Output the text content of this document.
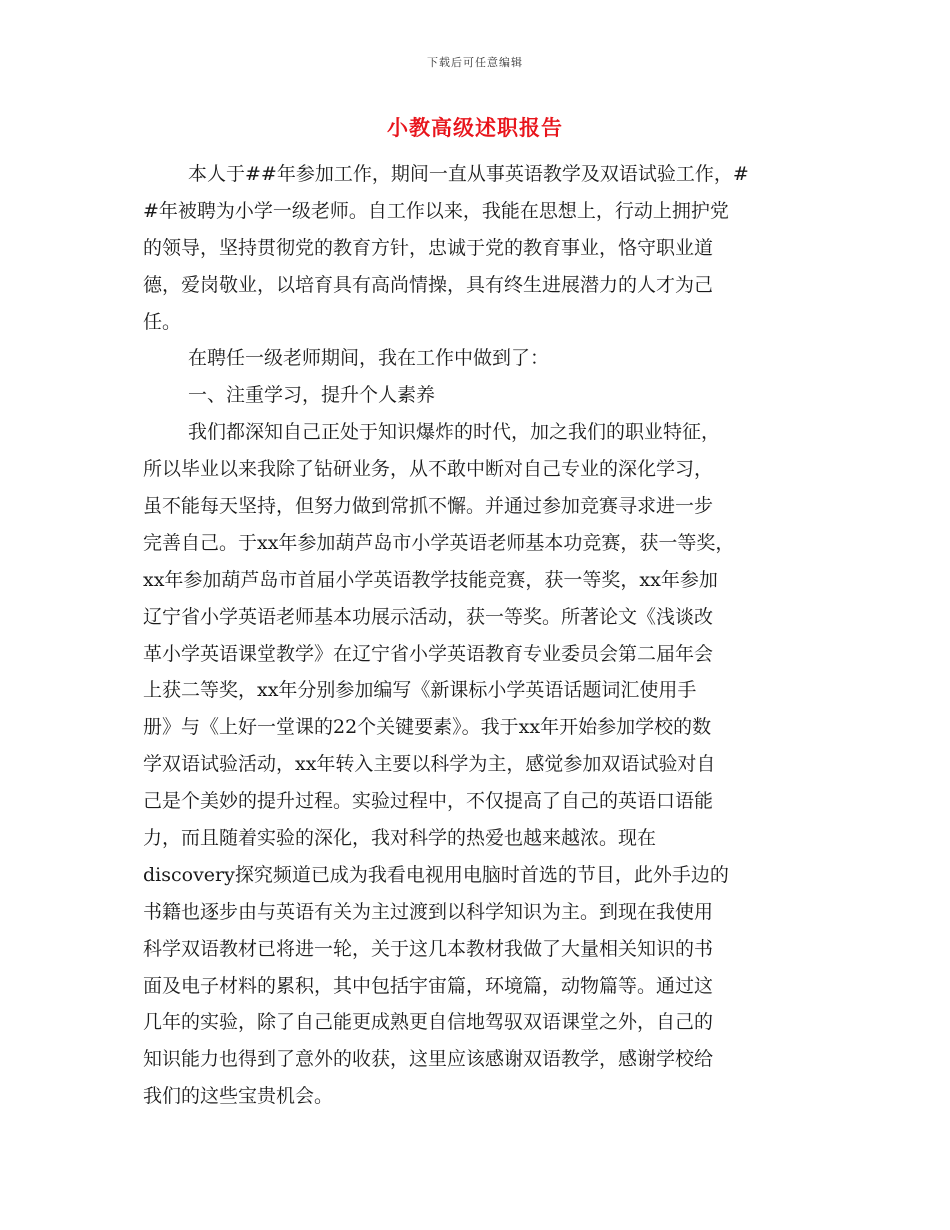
下载后可任意编辑
小教高级述职报告
本人于##年参加工作，期间一直从事英语教学及双语试验工作，#
#年被聘为小学一级老师。自工作以来，我能在思想上，行动上拥护党
的领导，坚持贯彻党的教育方针，忠诚于党的教育事业，恪守职业道
德，爱岗敬业，以培育具有高尚情操，具有终生进展潜力的人才为己
任。
在聘任一级老师期间，我在工作中做到了：
一、注重学习，提升个人素养
我们都深知自己正处于知识爆炸的时代，加之我们的职业特征，
所以毕业以来我除了钻研业务，从不敢中断对自己专业的深化学习，
虽不能每天坚持，但努力做到常抓不懈。并通过参加竞赛寻求进一步
完善自己。于xx年参加葫芦岛市小学英语老师基本功竞赛，获一等奖，
xx年参加葫芦岛市首届小学英语教学技能竞赛，获一等奖，xx年参加
辽宁省小学英语老师基本功展示活动，获一等奖。所著论文《浅谈改
革小学英语课堂教学》在辽宁省小学英语教育专业委员会第二届年会
上获二等奖，xx年分别参加编写《新课标小学英语话题词汇使用手
册》与《上好一堂课的22个关键要素》。我于xx年开始参加学校的数
学双语试验活动，xx年转入主要以科学为主，感觉参加双语试验对自
己是个美妙的提升过程。实验过程中，不仅提高了自己的英语口语能
力，而且随着实验的深化，我对科学的热爱也越来越浓。现在
discovery探究频道已成为我看电视用电脑时首选的节目，此外手边的
书籍也逐步由与英语有关为主过渡到以科学知识为主。到现在我使用
科学双语教材已将进一轮，关于这几本教材我做了大量相关知识的书
面及电子材料的累积，其中包括宇宙篇，环境篇，动物篇等。通过这
几年的实验，除了自己能更成熟更自信地驾驭双语课堂之外，自己的
知识能力也得到了意外的收获，这里应该感谢双语教学，感谢学校给
我们的这些宝贵机会。
